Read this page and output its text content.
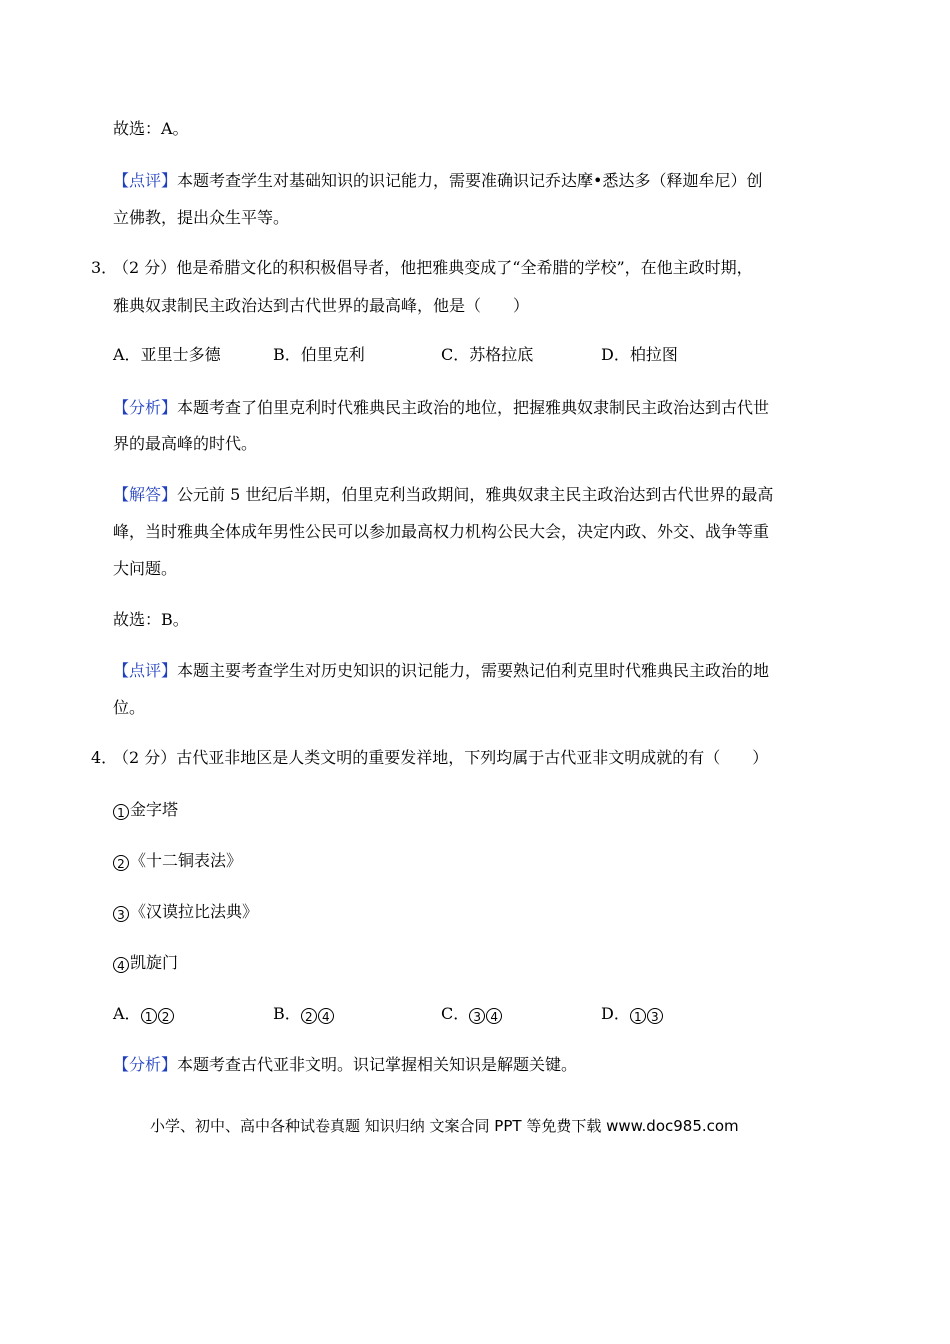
故选：A。
【点评】本题考查学生对基础知识的识记能力，需要准确识记乔达摩•悉达多（释迦牟尼）创
立佛教，提出众生平等。
3．
（2 分）他是希腊文化的积积极倡导者，他把雅典变成了“全希腊的学校”，在他主政时期，
雅典奴隶制民主政治达到古代世界的最高峰，他是（　　）
A．亚里士多德	B．伯里克利	C．苏格拉底	D．柏拉图
【分析】本题考查了伯里克利时代雅典民主政治的地位，把握雅典奴隶制民主政治达到古代世
界的最高峰的时代。
【解答】公元前 5 世纪后半期，伯里克利当政期间，雅典奴隶主民主政治达到古代世界的最高
峰，当时雅典全体成年男性公民可以参加最高权力机构公民大会，决定内政、外交、战争等重
大问题。
故选：B。
【点评】本题主要考查学生对历史知识的识记能力，需要熟记伯利克里时代雅典民主政治的地
位。
4．
（2 分）古代亚非地区是人类文明的重要发祥地，下列均属于古代亚非文明成就的有（　　）
1 金字塔
2 《十二铜表法》
3 《汉谟拉比法典》
4 凯旋门
A． 1 2	B． 2 4	C． 3 4	D． 1 3
【分析】本题考查古代亚非文明。识记掌握相关知识是解题关键。
小学、初中、高中各种试卷真题 知识归纳 文案合同 PPT 等免费下载 www.doc985.com
